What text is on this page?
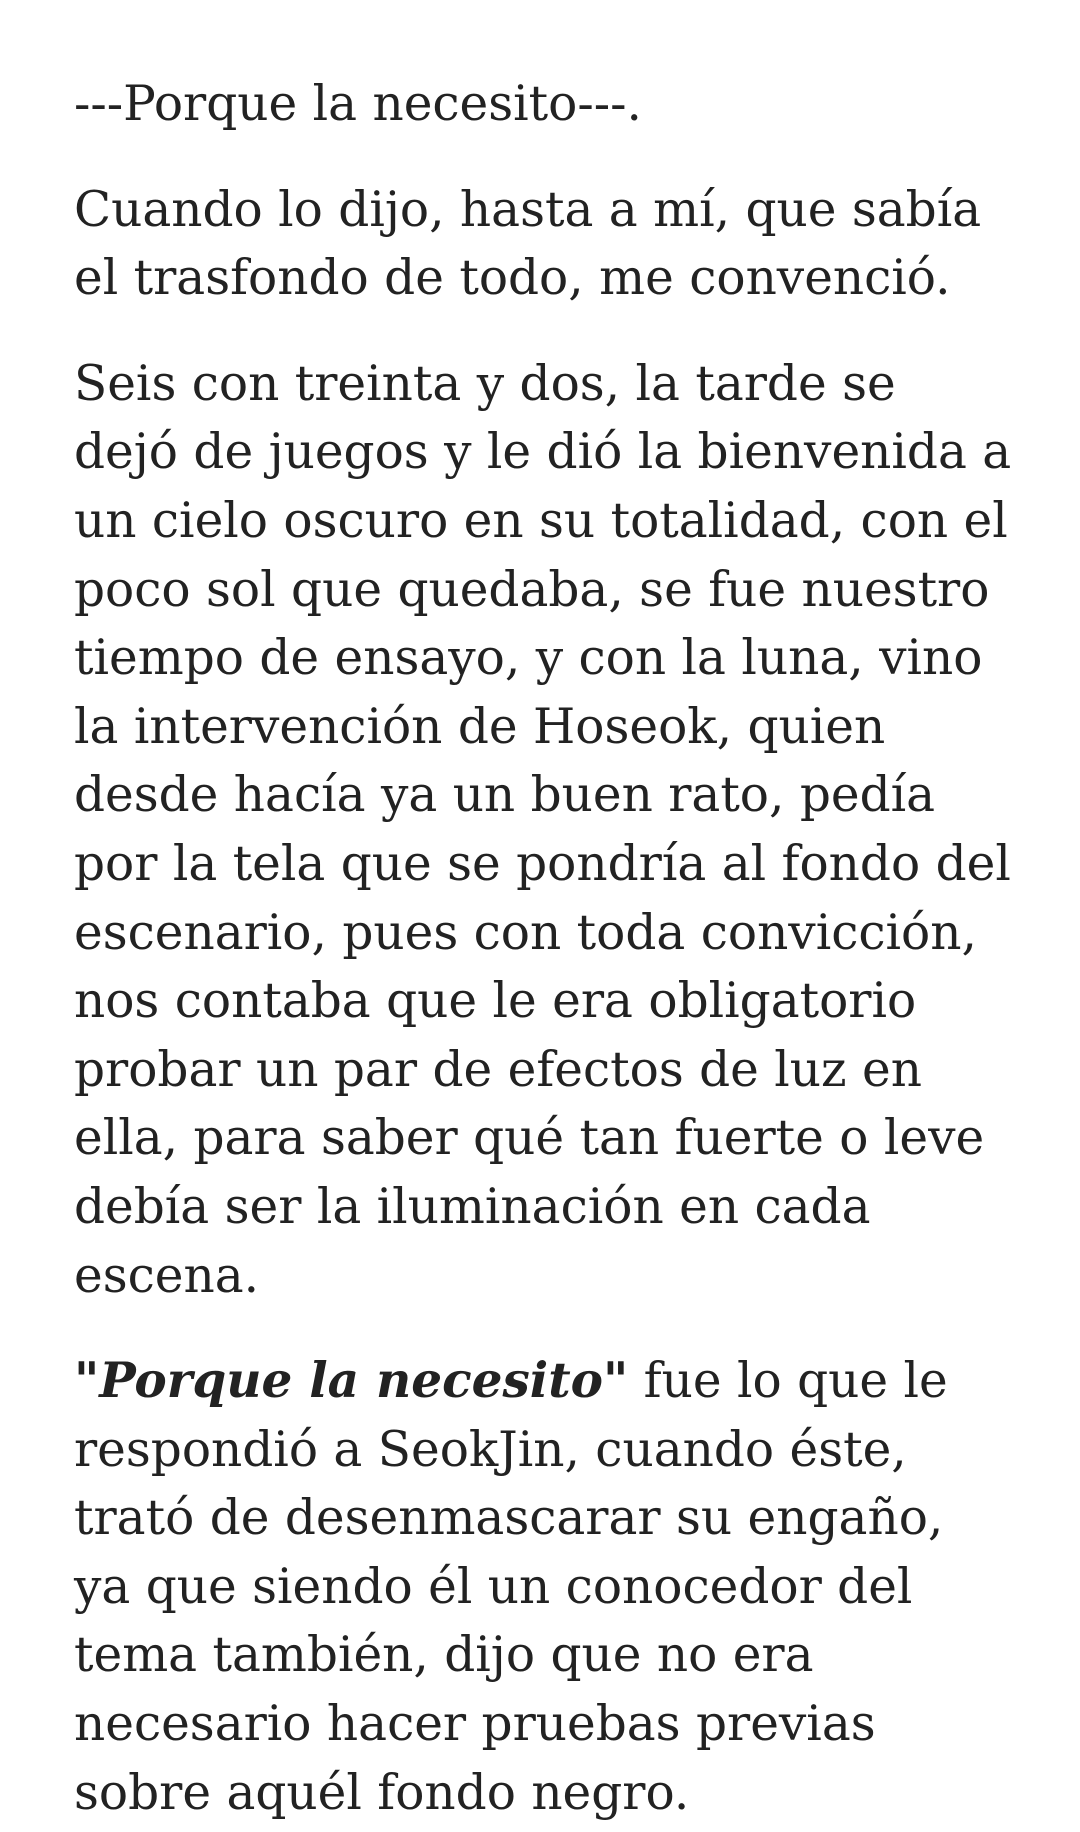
---Porque la necesito---.

Cuando lo dijo, hasta a mí, que sabía el trasfondo de todo, me convenció.

Seis con treinta y dos, la tarde se dejó de juegos y le dió la bienvenida a un cielo oscuro en su totalidad, con el poco sol que quedaba, se fue nuestro tiempo de ensayo, y con la luna, vino la intervención de Hoseok, quien desde hacía ya un buen rato, pedía por la tela que se pondría al fondo del escenario, pues con toda convicción, nos contaba que le era obligatorio probar un par de efectos de luz en ella, para saber qué tan fuerte o leve debía ser la iluminación en cada escena.

"Porque la necesito" fue lo que le respondió a SeokJin, cuando éste, trató de desenmascarar su engaño, ya que siendo él un conocedor del tema también, dijo que no era necesario hacer pruebas previas sobre aquél fondo negro.
